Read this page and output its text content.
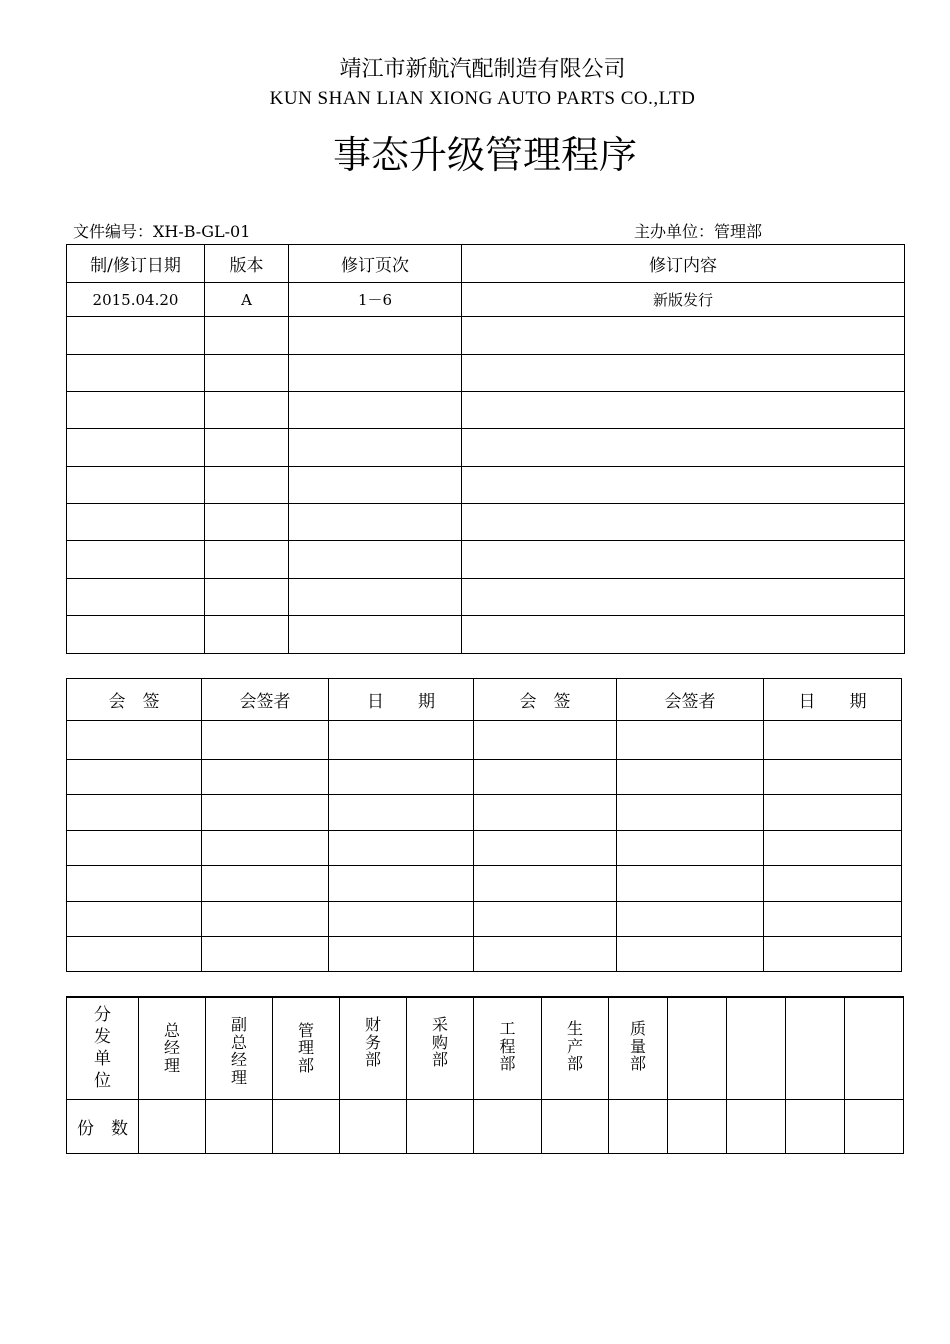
靖江市新航汽配制造有限公司
KUN SHAN LIAN XIONG AUTO PARTS CO.,LTD
事态升级管理程序
文件编号：XH-B-GL-01	主办单位：管理部
制/修订日期	版本	修订页次	修订内容
2015.04.20	A	1－6	新版发行

会　签	会签者	日　　期	会　签	会签者	日　　期

分发单位	总经理	副总经理	管理部	财务部	采购部	工程部	生产部	质量部				

份　数												
